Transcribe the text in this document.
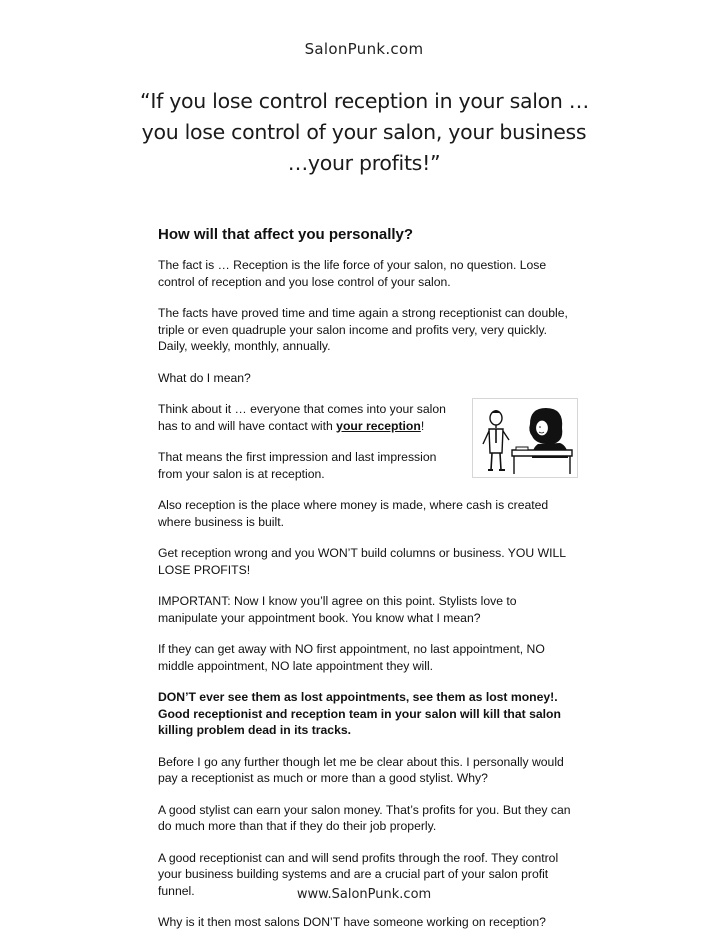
SalonPunk.com
“If you lose control reception in your salon …
you lose control of your salon, your business
…your profits!”
How will that affect you personally?

The fact is … Reception is the life force of your salon, no question. Lose control of reception and you lose control of your salon.

The facts have proved time and time again a strong receptionist can double, triple or even quadruple your salon income and profits very, very quickly. Daily, weekly, monthly, annually.

What do I mean?

Think about it … everyone that comes into your salon has to and will have contact with your reception!

That means the first impression and last impression from your salon is at reception.

Also reception is the place where money is made, where cash is created where business is built.

Get reception wrong and you WON’T build columns or business. YOU WILL LOSE PROFITS!

IMPORTANT: Now I know you’ll agree on this point. Stylists love to manipulate your appointment book. You know what I mean?

If they can get away with NO first appointment, no last appointment, NO middle appointment, NO late appointment they will.

DON’T ever see them as lost appointments, see them as lost money!. Good receptionist and reception team in your salon will kill that salon killing problem dead in its tracks.

Before I go any further though let me be clear about this. I personally would pay a receptionist as much or more than a good stylist. Why?

A good stylist can earn your salon money. That’s profits for you. But they can do much more than that if they do their job properly.

A good receptionist can and will send profits through the roof. They control your business building systems and are a crucial part of your salon profit funnel.

Why is it then most salons DON’T have someone working on reception?

www.SalonPunk.com
